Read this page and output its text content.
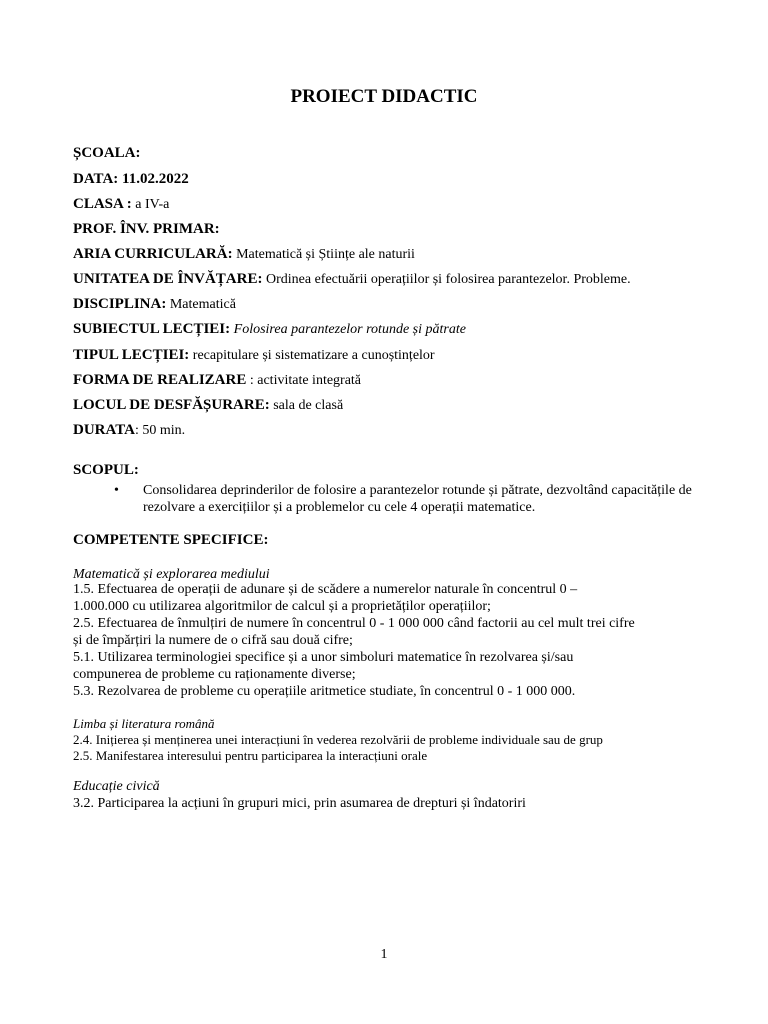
PROIECT DIDACTIC
ȘCOALA:
DATA: 11.02.2022
CLASA : a IV-a
PROF. ÎNV. PRIMAR:
ARIA CURRICULARĂ: Matematică și Științe ale naturii
UNITATEA DE ÎNVĂȚARE: Ordinea efectuării operațiilor și folosirea parantezelor. Probleme.
DISCIPLINA: Matematică
SUBIECTUL LECȚIEI: Folosirea parantezelor rotunde și pătrate
TIPUL LECȚIEI: recapitulare și sistematizare a cunoștințelor
FORMA DE REALIZARE : activitate integrată
LOCUL DE DESFĂȘURARE: sala de clasă
DURATA: 50 min.
SCOPUL:
• Consolidarea deprinderilor de folosire a parantezelor rotunde și pătrate, dezvoltând capacitățile de rezolvare a exercițiilor și a problemelor cu cele 4 operații matematice.
COMPETENTE SPECIFICE:
Matematică și explorarea mediului
1.5. Efectuarea de operații de adunare și de scădere a numerelor naturale în concentrul 0 –
1.000.000 cu utilizarea algoritmilor de calcul și a proprietăților operațiilor;
2.5. Efectuarea de înmulțiri de numere în concentrul 0 - 1 000 000 când factorii au cel mult trei cifre
și de împărțiri la numere de o cifră sau două cifre;
5.1. Utilizarea terminologiei specifice și a unor simboluri matematice în rezolvarea și/sau
compunerea de probleme cu raționamente diverse;
5.3. Rezolvarea de probleme cu operațiile aritmetice studiate, în concentrul 0 - 1 000 000.
Limba și literatura română
2.4. Inițierea și menținerea unei interacțiuni în vederea rezolvării de probleme individuale sau de grup
2.5. Manifestarea interesului pentru participarea la interacțiuni orale
Educație civică
3.2. Participarea la acțiuni în grupuri mici, prin asumarea de drepturi și îndatoriri
1
